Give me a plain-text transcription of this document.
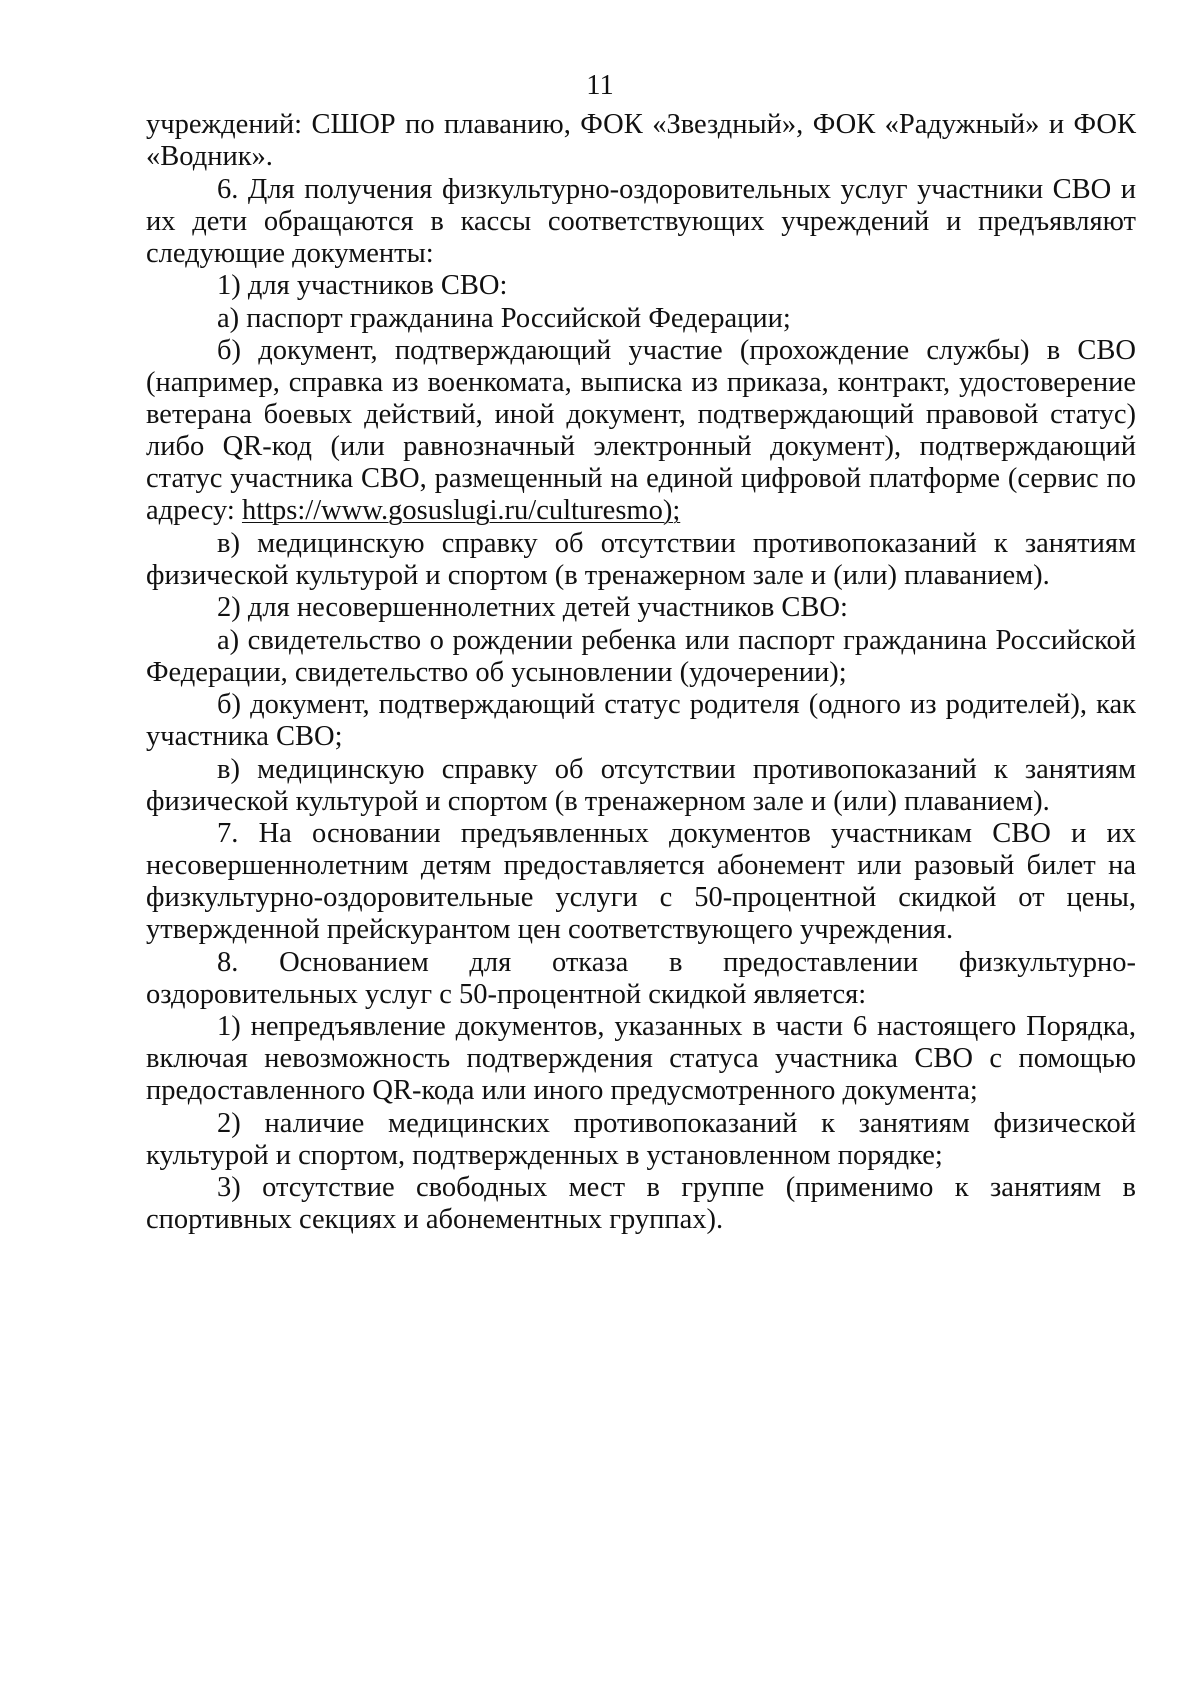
11

учреждений: СШОР по плаванию, ФОК «Звездный», ФОК «Радужный» и ФОК «Водник».

6. Для получения физкультурно-оздоровительных услуг участники СВО и их дети обращаются в кассы соответствующих учреждений и предъявляют следующие документы:

1) для участников СВО:

а) паспорт гражданина Российской Федерации;

б) документ, подтверждающий участие (прохождение службы) в СВО (например, справка из военкомата, выписка из приказа, контракт, удостоверение ветерана боевых действий, иной документ, подтверждающий правовой статус) либо QR-код (или равнозначный электронный документ), подтверждающий статус участника СВО, размещенный на единой цифровой платформе (сервис по адресу: https://www.gosuslugi.ru/culturesmo);

в) медицинскую справку об отсутствии противопоказаний к занятиям физической культурой и спортом (в тренажерном зале и (или) плаванием).

2) для несовершеннолетних детей участников СВО:

а) свидетельство о рождении ребенка или паспорт гражданина Российской Федерации, свидетельство об усыновлении (удочерении);

б) документ, подтверждающий статус родителя (одного из родителей), как участника СВО;

в) медицинскую справку об отсутствии противопоказаний к занятиям физической культурой и спортом (в тренажерном зале и (или) плаванием).

7. На основании предъявленных документов участникам СВО и их несовершеннолетним детям предоставляется абонемент или разовый билет на физкультурно-оздоровительные услуги с 50-процентной скидкой от цены, утвержденной прейскурантом цен соответствующего учреждения.

8. Основанием для отказа в предоставлении физкультурно-оздоровительных услуг с 50-процентной скидкой является:

1) непредъявление документов, указанных в части 6 настоящего Порядка, включая невозможность подтверждения статуса участника СВО с помощью предоставленного QR-кода или иного предусмотренного документа;

2) наличие медицинских противопоказаний к занятиям физической культурой и спортом, подтвержденных в установленном порядке;

3) отсутствие свободных мест в группе (применимо к занятиям в спортивных секциях и абонементных группах).
